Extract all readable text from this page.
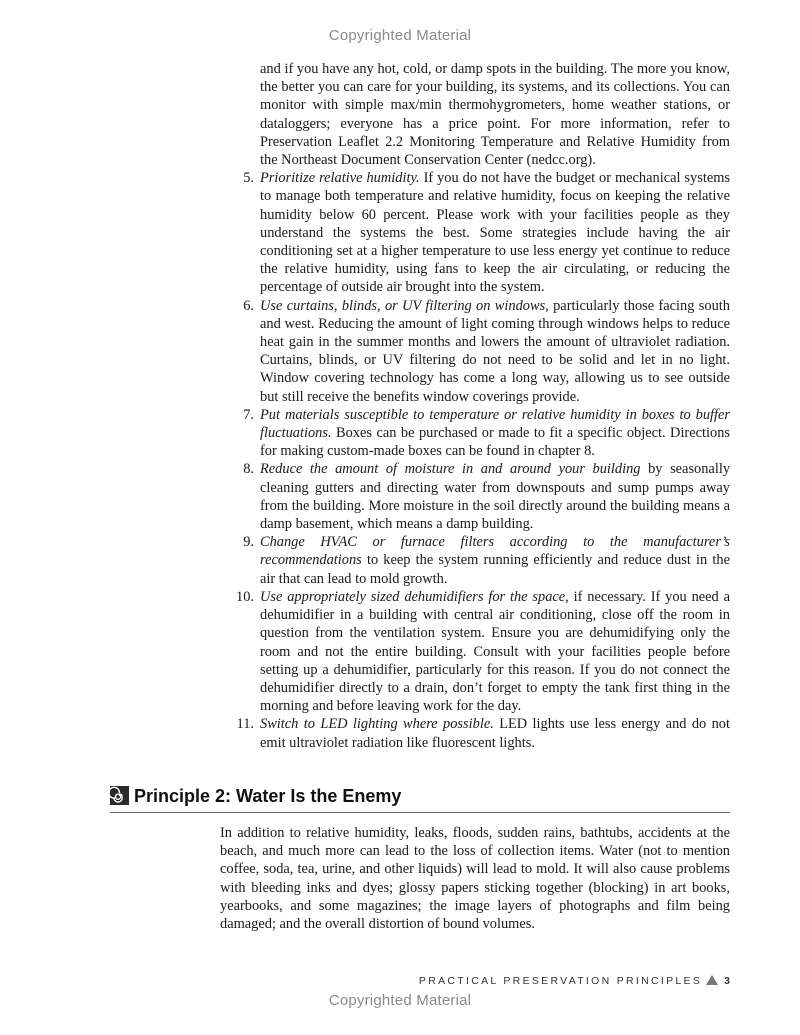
Copyrighted Material

and if you have any hot, cold, or damp spots in the building. The more you know, the better you can care for your building, its systems, and its collections. You can monitor with simple max/min thermohygrometers, home weather stations, or dataloggers; everyone has a price point. For more information, refer to Preservation Leaflet 2.2 Monitoring Temperature and Relative Humidity from the Northeast Document Conservation Center (nedcc.org).

5. Prioritize relative humidity. If you do not have the budget or mechanical systems to manage both temperature and relative humidity, focus on keeping the relative humidity below 60 percent. Please work with your facilities people as they understand the systems the best. Some strategies include having the air conditioning set at a higher temperature to use less energy yet continue to reduce the relative humidity, using fans to keep the air circulating, or reducing the percentage of outside air brought into the system.
6. Use curtains, blinds, or UV filtering on windows, particularly those facing south and west. Reducing the amount of light coming through windows helps to reduce heat gain in the summer months and lowers the amount of ultraviolet radiation. Curtains, blinds, or UV filtering do not need to be solid and let in no light. Window covering technology has come a long way, allowing us to see outside but still receive the benefits window coverings provide.
7. Put materials susceptible to temperature or relative humidity in boxes to buffer fluctuations. Boxes can be purchased or made to fit a specific object. Directions for making custom-made boxes can be found in chapter 8.
8. Reduce the amount of moisture in and around your building by seasonally cleaning gutters and directing water from downspouts and sump pumps away from the building. More moisture in the soil directly around the building means a damp basement, which means a damp building.
9. Change HVAC or furnace filters according to the manufacturer’s recommendations to keep the system running efficiently and reduce dust in the air that can lead to mold growth.
10. Use appropriately sized dehumidifiers for the space, if necessary. If you need a dehumidifier in a building with central air conditioning, close off the room in question from the ventilation system. Ensure you are dehumidifying only the room and not the entire building. Consult with your facilities people before setting up a dehumidifier, particularly for this reason. If you do not connect the dehumidifier directly to a drain, don’t forget to empty the tank first thing in the morning and before leaving work for the day.
11. Switch to LED lighting where possible. LED lights use less energy and do not emit ultraviolet radiation like fluorescent lights.
Principle 2: Water Is the Enemy

In addition to relative humidity, leaks, floods, sudden rains, bathtubs, accidents at the beach, and much more can lead to the loss of collection items. Water (not to mention coffee, soda, tea, urine, and other liquids) will lead to mold. It will also cause problems with bleeding inks and dyes; glossy papers sticking together (blocking) in art books, yearbooks, and some magazines; the image layers of photographs and film being damaged; and the overall distortion of bound volumes.

PRACTICAL PRESERVATION PRINCIPLES 3
Copyrighted Material
